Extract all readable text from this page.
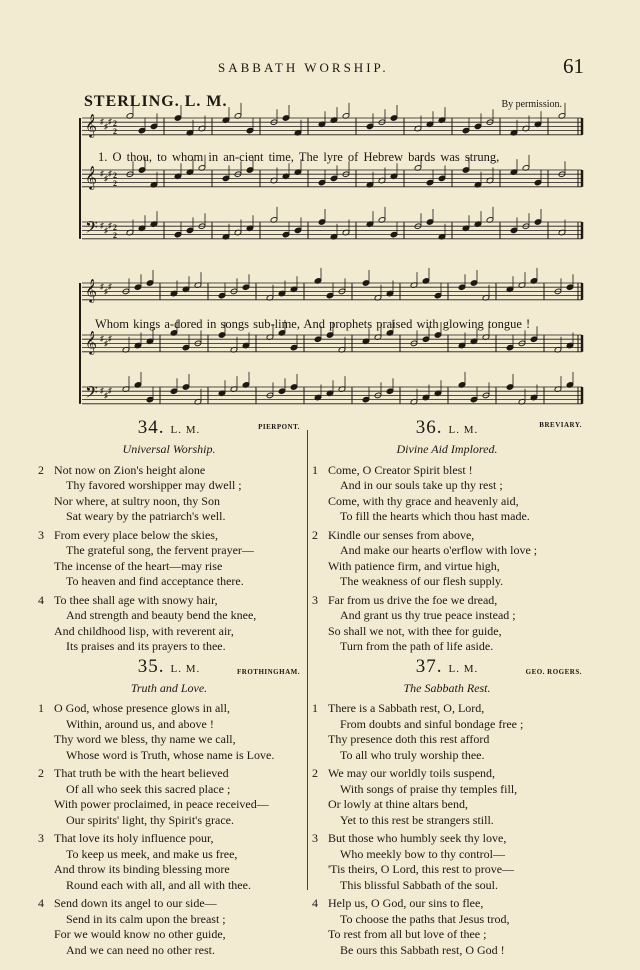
SABBATH WORSHIP.	61
STERLING. L. M.	By permission.
𝄞 ♯
♯
♯ 2
2
𝄞 ♯
♯
♯ 2
2
𝄢 ♯
♯
♯ 2
2
𝄞 ♯
♯
♯
𝄞 ♯
♯
♯
𝄢 ♯
♯
♯
1. O thou, to whom in an-cient time, The lyre of Hebrew bards was strung,
Whom kings a-dored in songs sub-lime, And prophets praised with glowing tongue !
34. L. M.	PIERPONT.
Universal Worship.
2 Not now on Zion's height alone
Thy favored worshipper may dwell ;
Nor where, at sultry noon, thy Son
Sat weary by the patriarch's well.
3 From every place below the skies,
The grateful song, the fervent prayer—
The incense of the heart—may rise
To heaven and find acceptance there.
4 To thee shall age with snowy hair,
And strength and beauty bend the knee,
And childhood lisp, with reverent air,
Its praises and its prayers to thee.
35. L. M.	FROTHINGHAM.
Truth and Love.
1 O God, whose presence glows in all,
Within, around us, and above !
Thy word we bless, thy name we call,
Whose word is Truth, whose name is Love.
2 That truth be with the heart believed
Of all who seek this sacred place ;
With power proclaimed, in peace received—
Our spirits' light, thy Spirit's grace.
3 That love its holy influence pour,
To keep us meek, and make us free,
And throw its binding blessing more
Round each with all, and all with thee.
4 Send down its angel to our side—
Send in its calm upon the breast ;
For we would know no other guide,
And we can need no other rest.
36. L. M.	BREVIARY.
Divine Aid Implored.
1 Come, O Creator Spirit blest !
And in our souls take up thy rest ;
Come, with thy grace and heavenly aid,
To fill the hearts which thou hast made.
2 Kindle our senses from above,
And make our hearts o'erflow with love ;
With patience firm, and virtue high,
The weakness of our flesh supply.
3 Far from us drive the foe we dread,
And grant us thy true peace instead ;
So shall we not, with thee for guide,
Turn from the path of life aside.
37. L. M.	GEO. ROGERS.
The Sabbath Rest.
1 There is a Sabbath rest, O, Lord,
From doubts and sinful bondage free ;
Thy presence doth this rest afford
To all who truly worship thee.
2 We may our worldly toils suspend,
With songs of praise thy temples fill,
Or lowly at thine altars bend,
Yet to this rest be strangers still.
3 But those who humbly seek thy love,
Who meekly bow to thy control—
'Tis theirs, O Lord, this rest to prove—
This blissful Sabbath of the soul.
4 Help us, O God, our sins to flee,
To choose the paths that Jesus trod,
To rest from all but love of thee ;
Be ours this Sabbath rest, O God !
